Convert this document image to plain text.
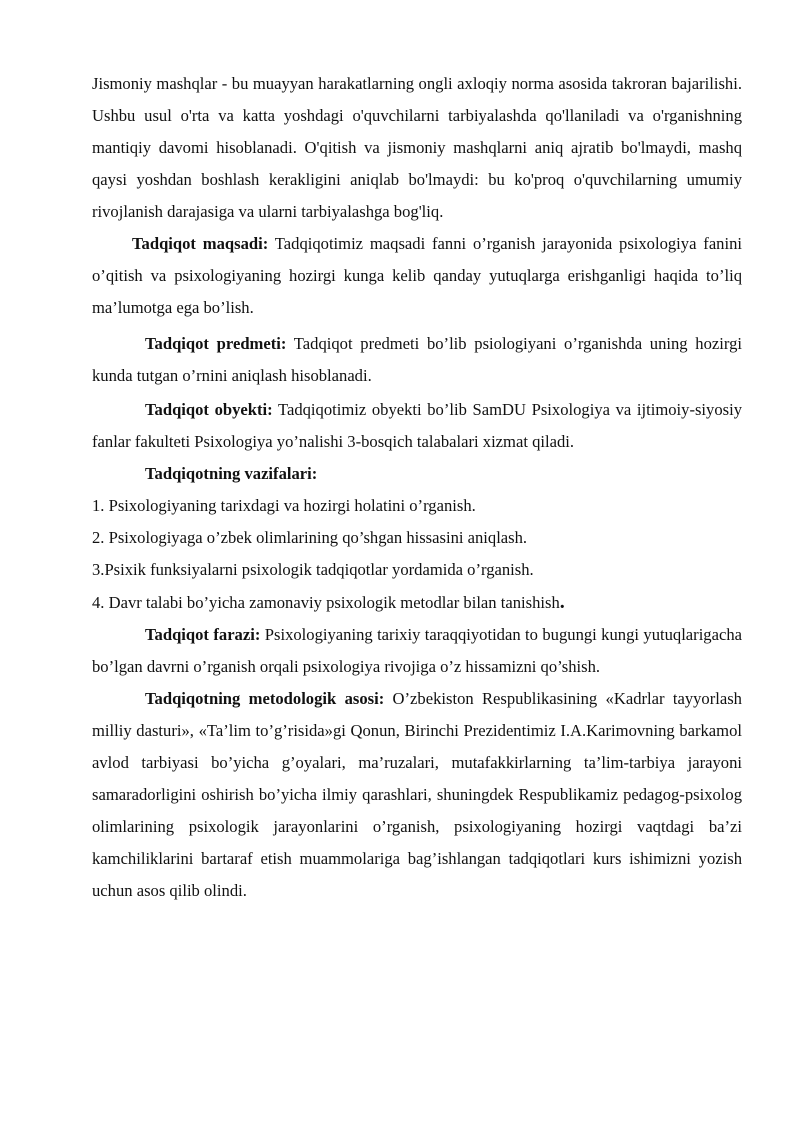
Jismoniy mashqlar - bu muayyan harakatlarning ongli axloqiy norma asosida takroran bajarilishi. Ushbu usul o'rta va katta yoshdagi o'quvchilarni tarbiyalashda qo'llaniladi va o'rganishning mantiqiy davomi hisoblanadi. O'qitish va jismoniy mashqlarni aniq ajratib bo'lmaydi, mashq qaysi yoshdan boshlash kerakligini aniqlab bo'lmaydi: bu ko'proq o'quvchilarning umumiy rivojlanish darajasiga va ularni tarbiyalashga bog'liq.

Tadqiqot maqsadi: Tadqiqotimiz maqsadi fanni o’rganish jarayonida psixologiya fanini o’qitish va psixologiyaning hozirgi kunga kelib qanday yutuqlarga erishganligi haqida to’liq ma’lumotga ega bo’lish.

Tadqiqot predmeti: Tadqiqot predmeti bo’lib psiologiyani o’rganishda uning hozirgi kunda tutgan o’rnini aniqlash hisoblanadi.

Tadqiqot obyekti: Tadqiqotimiz obyekti bo’lib SamDU Psixologiya va ijtimoiy-siyosiy fanlar fakulteti Psixologiya yo’nalishi 3-bosqich talabalari xizmat qiladi.

Tadqiqotning vazifalari:

1. Psixologiyaning tarixdagi va hozirgi holatini o’rganish.

2. Psixologiyaga o’zbek olimlarining qo’shgan hissasini aniqlash.

3.Psixik funksiyalarni psixologik tadqiqotlar yordamida o’rganish.

4. Davr talabi bo’yicha zamonaviy psixologik metodlar bilan tanishish.

Tadqiqot farazi: Psixologiyaning tarixiy taraqqiyotidan to bugungi kungi yutuqlarigacha bo’lgan davrni o’rganish orqali psixologiya rivojiga o’z hissamizni qo’shish.

Tadqiqotning metodologik asosi: O’zbekiston Respublikasining «Kadrlar tayyorlash milliy dasturi», «Ta’lim to’g’risida»gi Qonun, Birinchi Prezidentimiz I.A.Karimovning barkamol avlod tarbiyasi bo’yicha g’oyalari, ma’ruzalari, mutafakkirlarning ta’lim-tarbiya jarayoni samaradorligini oshirish bo’yicha ilmiy qarashlari, shuningdek Respublikamiz pedagog-psixolog olimlarining psixologik jarayonlarini o’rganish, psixologiyaning hozirgi vaqtdagi ba’zi kamchiliklarini bartaraf etish muammolariga bag’ishlangan tadqiqotlari kurs ishimizni yozish uchun asos qilib olindi.
